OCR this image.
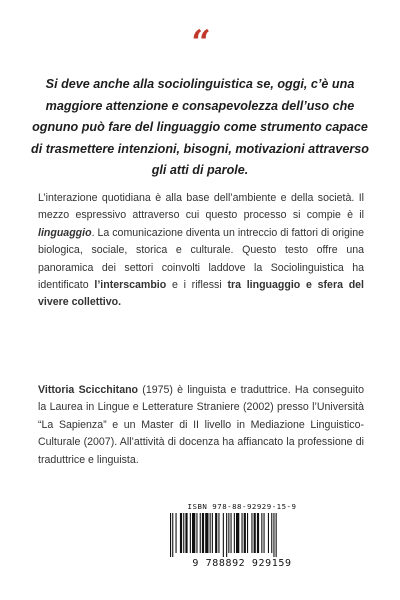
“
Si deve anche alla sociolinguistica se, oggi, c’è una maggiore attenzione e consapevolezza dell’uso che ognuno può fare del linguaggio come strumento capace di trasmettere intenzioni, bisogni, motivazioni attraverso gli atti di parole.
L’interazione quotidiana è alla base dell’ambiente e della società. Il mezzo espressivo attraverso cui questo processo si compie è il linguaggio. La comunicazione diventa un intreccio di fattori di origine biologica, sociale, storica e culturale. Questo testo offre una panoramica dei settori coinvolti laddove la Sociolinguistica ha identificato l’interscambio e i riflessi tra linguaggio e sfera del vivere collettivo.
Vittoria Scicchitano (1975) è linguista e traduttrice. Ha conseguito la Laurea in Lingue e Letterature Straniere (2002) presso l’Università “La Sapienza” e un Master di II livello in Mediazione Linguistico-Culturale (2007). All’attività di docenza ha affiancato la professione di traduttrice e linguista.
ISBN 978-88-92929-15-9
9 788892 929159
